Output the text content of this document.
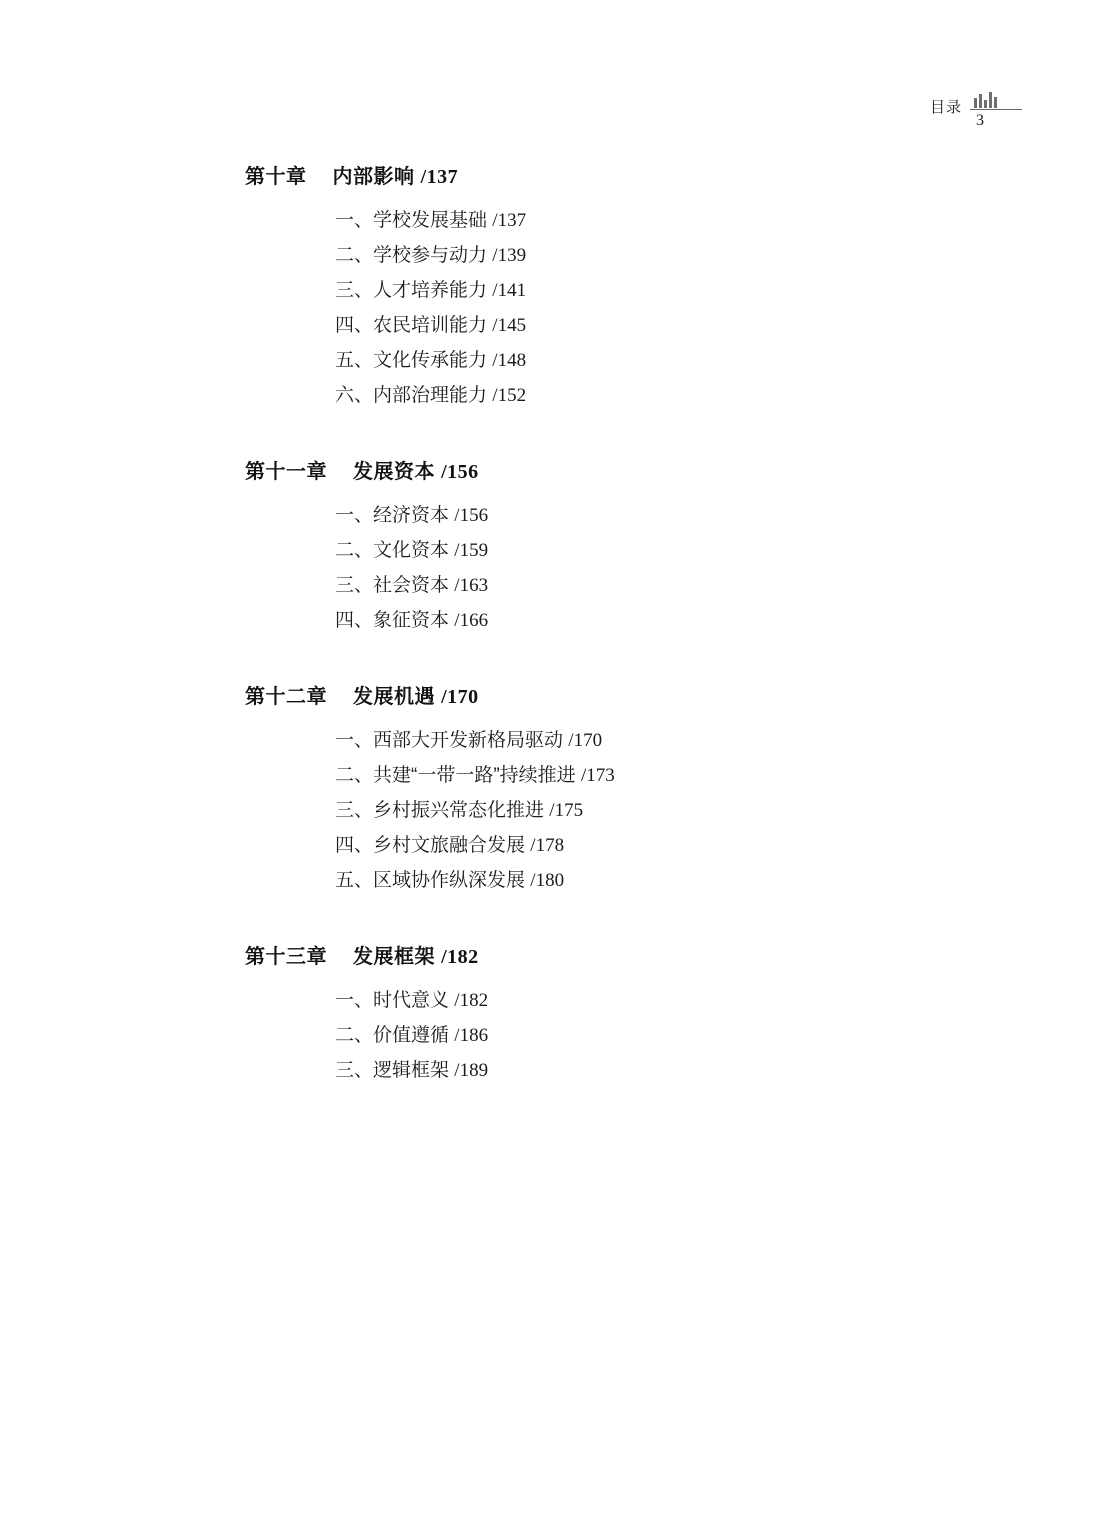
目录
3
第十章 内部影响 /137
一、学校发展基础 /137
二、学校参与动力 /139
三、人才培养能力 /141
四、农民培训能力 /145
五、文化传承能力 /148
六、内部治理能力 /152
第十一章 发展资本 /156
一、经济资本 /156
二、文化资本 /159
三、社会资本 /163
四、象征资本 /166
第十二章 发展机遇 /170
一、西部大开发新格局驱动 /170
二、共建“一带一路”持续推进 /173
三、乡村振兴常态化推进 /175
四、乡村文旅融合发展 /178
五、区域协作纵深发展 /180
第十三章 发展框架 /182
一、时代意义 /182
二、价值遵循 /186
三、逻辑框架 /189
